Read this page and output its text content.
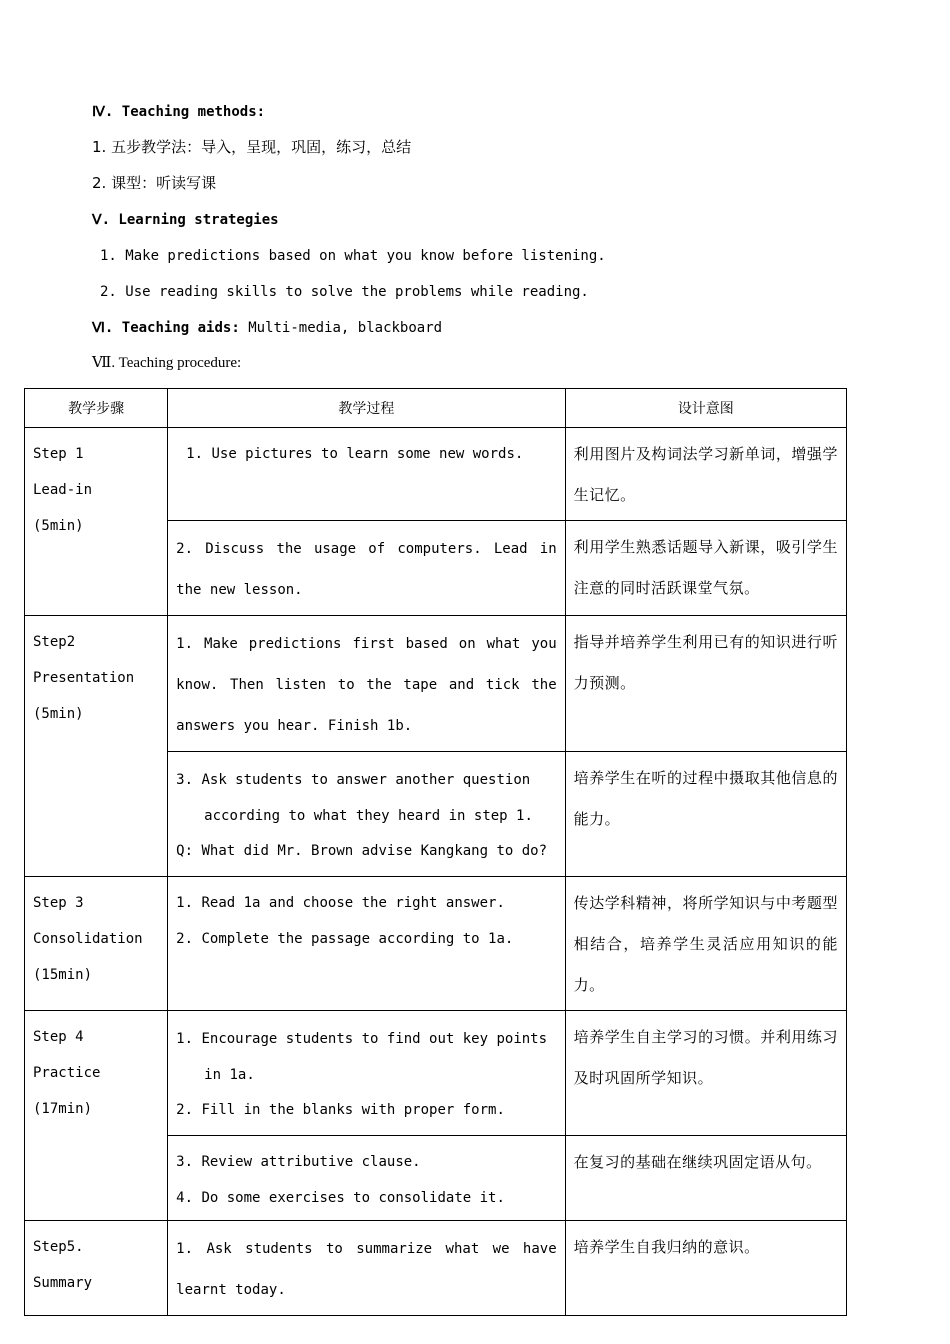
Ⅳ. Teaching methods:
1. 五步教学法：导入，呈现，巩固，练习，总结
2. 课型：听读写课
Ⅴ. Learning strategies
1. Make predictions based on what you know before listening.
2. Use reading skills to solve the problems while reading.
Ⅵ. Teaching aids: Multi-media, blackboard
Ⅶ. Teaching procedure:
教学步骤	教学过程	设计意图

Step 1
Lead-in
(5min)	1. Use pictures to learn some new words.	利用图片及构词法学习新单词，增强学生记忆。
	2. Discuss the usage of computers. Lead in the new lesson.	利用学生熟悉话题导入新课，吸引学生注意的同时活跃课堂气氛。

Step2
Presentation
(5min)	1. Make predictions first based on what you know. Then listen to the tape and tick the answers you hear. Finish 1b.	指导并培养学生利用已有的知识进行听力预测。

	3. Ask students to answer another question
according to what they heard in step 1.
Q: What did Mr. Brown advise Kangkang to do?	培养学生在听的过程中摄取其他信息的能力。

Step 3
Consolidation
(15min)	1. Read 1a and choose the right answer.
2. Complete the passage according to 1a.	传达学科精神，将所学知识与中考题型相结合，培养学生灵活应用知识的能力。

Step 4
Practice
(17min)	1. Encourage students to find out key points
in 1a.
2. Fill in the blanks with proper form.	培养学生自主学习的习惯。并利用练习及时巩固所学知识。

	3. Review attributive clause.
4. Do some exercises to consolidate it.	在复习的基础在继续巩固定语从句。

Step5.
Summary	1. Ask students to summarize what we have learnt today.	培养学生自我归纳的意识。
